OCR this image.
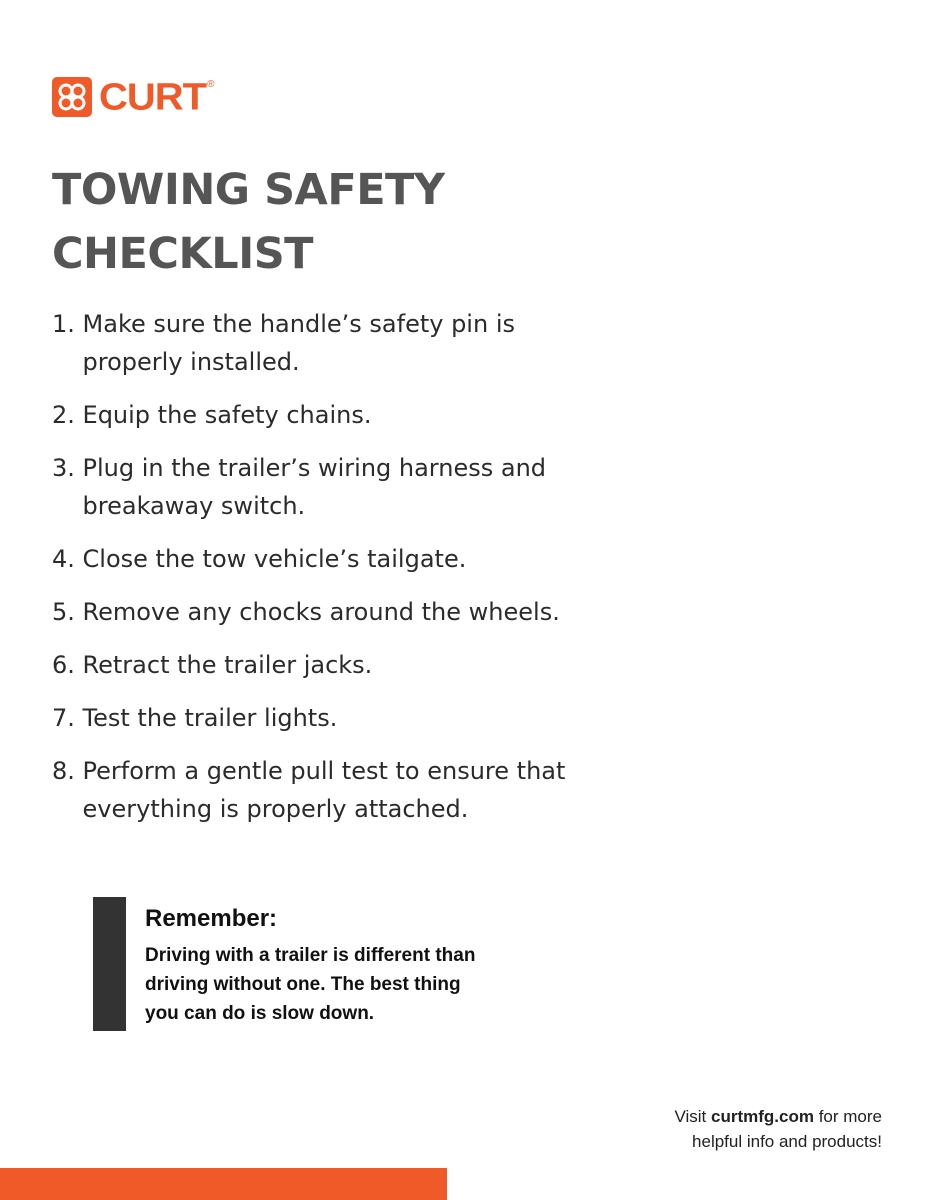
CURT ®
TOWING SAFETY
CHECKLIST
1. Make sure the handle’s safety pin is properly installed.
2. Equip the safety chains.
3. Plug in the trailer’s wiring harness and breakaway switch.
4. Close the tow vehicle’s tailgate.
5. Remove any chocks around the wheels.
6. Retract the trailer jacks.
7. Test the trailer lights.
8. Perform a gentle pull test to ensure that everything is properly attached.
Remember:
Driving with a trailer is different than driving without one. The best thing you can do is slow down.
Visit curtmfg.com for more
helpful info and products!
